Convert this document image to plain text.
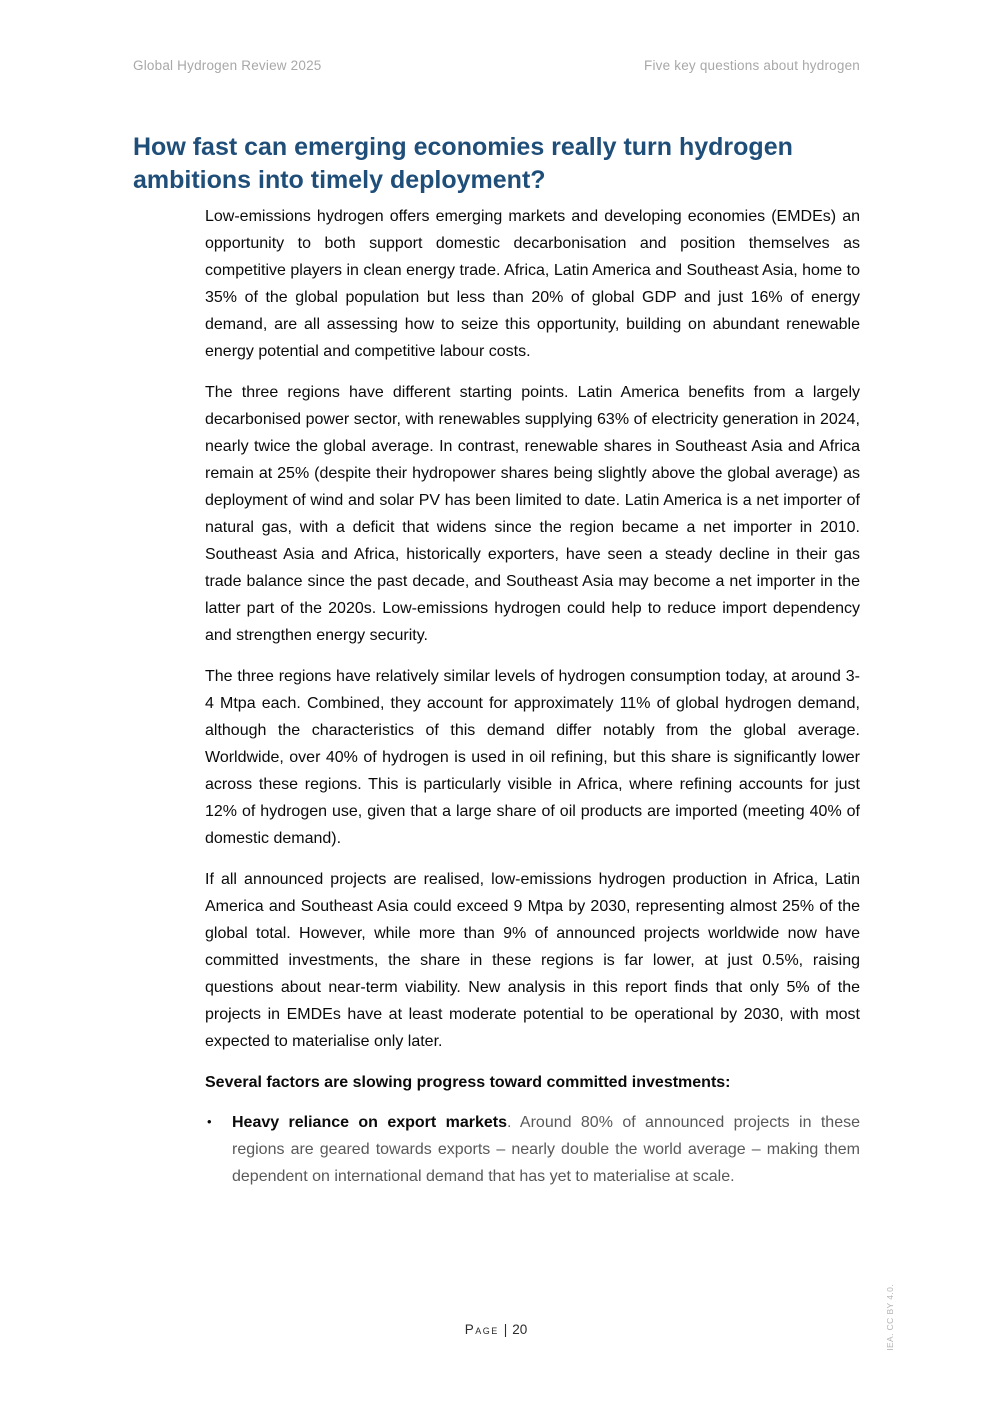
Global Hydrogen Review 2025	Five key questions about hydrogen
How fast can emerging economies really turn hydrogen ambitions into timely deployment?

Low-emissions hydrogen offers emerging markets and developing economies (EMDEs) an opportunity to both support domestic decarbonisation and position themselves as competitive players in clean energy trade. Africa, Latin America and Southeast Asia, home to 35% of the global population but less than 20% of global GDP and just 16% of energy demand, are all assessing how to seize this opportunity, building on abundant renewable energy potential and competitive labour costs.

The three regions have different starting points. Latin America benefits from a largely decarbonised power sector, with renewables supplying 63% of electricity generation in 2024, nearly twice the global average. In contrast, renewable shares in Southeast Asia and Africa remain at 25% (despite their hydropower shares being slightly above the global average) as deployment of wind and solar PV has been limited to date. Latin America is a net importer of natural gas, with a deficit that widens since the region became a net importer in 2010. Southeast Asia and Africa, historically exporters, have seen a steady decline in their gas trade balance since the past decade, and Southeast Asia may become a net importer in the latter part of the 2020s. Low-emissions hydrogen could help to reduce import dependency and strengthen energy security.

The three regions have relatively similar levels of hydrogen consumption today, at around 3-4 Mtpa each. Combined, they account for approximately 11% of global hydrogen demand, although the characteristics of this demand differ notably from the global average. Worldwide, over 40% of hydrogen is used in oil refining, but this share is significantly lower across these regions. This is particularly visible in Africa, where refining accounts for just 12% of hydrogen use, given that a large share of oil products are imported (meeting 40% of domestic demand).

If all announced projects are realised, low-emissions hydrogen production in Africa, Latin America and Southeast Asia could exceed 9 Mtpa by 2030, representing almost 25% of the global total. However, while more than 9% of announced projects worldwide now have committed investments, the share in these regions is far lower, at just 0.5%, raising questions about near-term viability. New analysis in this report finds that only 5% of the projects in EMDEs have at least moderate potential to be operational by 2030, with most expected to materialise only later.

Several factors are slowing progress toward committed investments:

• Heavy reliance on export markets. Around 80% of announced projects in these regions are geared towards exports – nearly double the world average – making them dependent on international demand that has yet to materialise at scale.
Page | 20	IEA. CC BY 4.0.
